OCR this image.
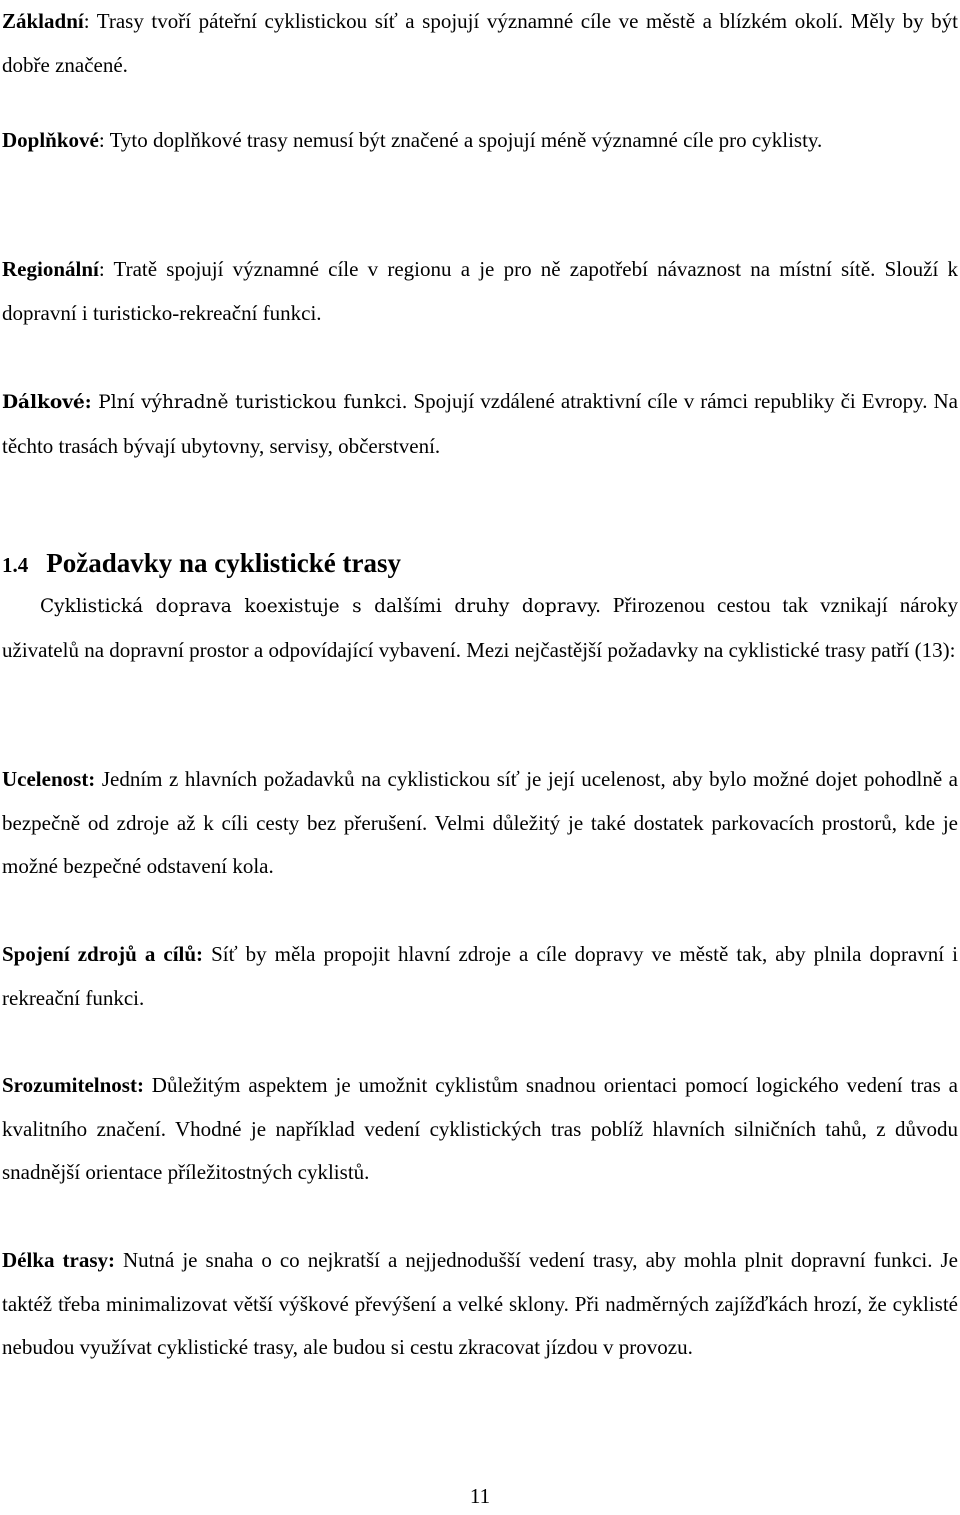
Základní: Trasy tvoří páteřní cyklistickou síť a spojují významné cíle ve městě a blízkém okolí. Měly by být dobře značené.

Doplňkové: Tyto doplňkové trasy nemusí být značené a spojují méně významné cíle pro cyklisty.

Regionální: Tratě spojují významné cíle v regionu a je pro ně zapotřebí návaznost na místní sítě. Slouží k dopravní i turisticko-rekreační funkci.

Dálkové: Plní výhradně turistickou funkci. Spojují vzdálené atraktivní cíle v rámci republiky či Evropy. Na těchto trasách bývají ubytovny, servisy, občerstvení.

1.4 Požadavky na cyklistické trasy

Cyklistická doprava koexistuje s dalšími druhy dopravy. Přirozenou cestou tak vznikají nároky uživatelů na dopravní prostor a odpovídající vybavení. Mezi nejčastější požadavky na cyklistické trasy patří (13):

Ucelenost: Jedním z hlavních požadavků na cyklistickou síť je její ucelenost, aby bylo možné dojet pohodlně a bezpečně od zdroje až k cíli cesty bez přerušení. Velmi důležitý je také dostatek parkovacích prostorů, kde je možné bezpečné odstavení kola.

Spojení zdrojů a cílů: Síť by měla propojit hlavní zdroje a cíle dopravy ve městě tak, aby plnila dopravní i rekreační funkci.

Srozumitelnost: Důležitým aspektem je umožnit cyklistům snadnou orientaci pomocí logického vedení tras a kvalitního značení. Vhodné je například vedení cyklistických tras poblíž hlavních silničních tahů, z důvodu snadnější orientace příležitostných cyklistů.

Délka trasy: Nutná je snaha o co nejkratší a nejjednodušší vedení trasy, aby mohla plnit dopravní funkci. Je taktéž třeba minimalizovat větší výškové převýšení a velké sklony. Při nadměrných zajížďkách hrozí, že cyklisté nebudou využívat cyklistické trasy, ale budou si cestu zkracovat jízdou v provozu.

11
